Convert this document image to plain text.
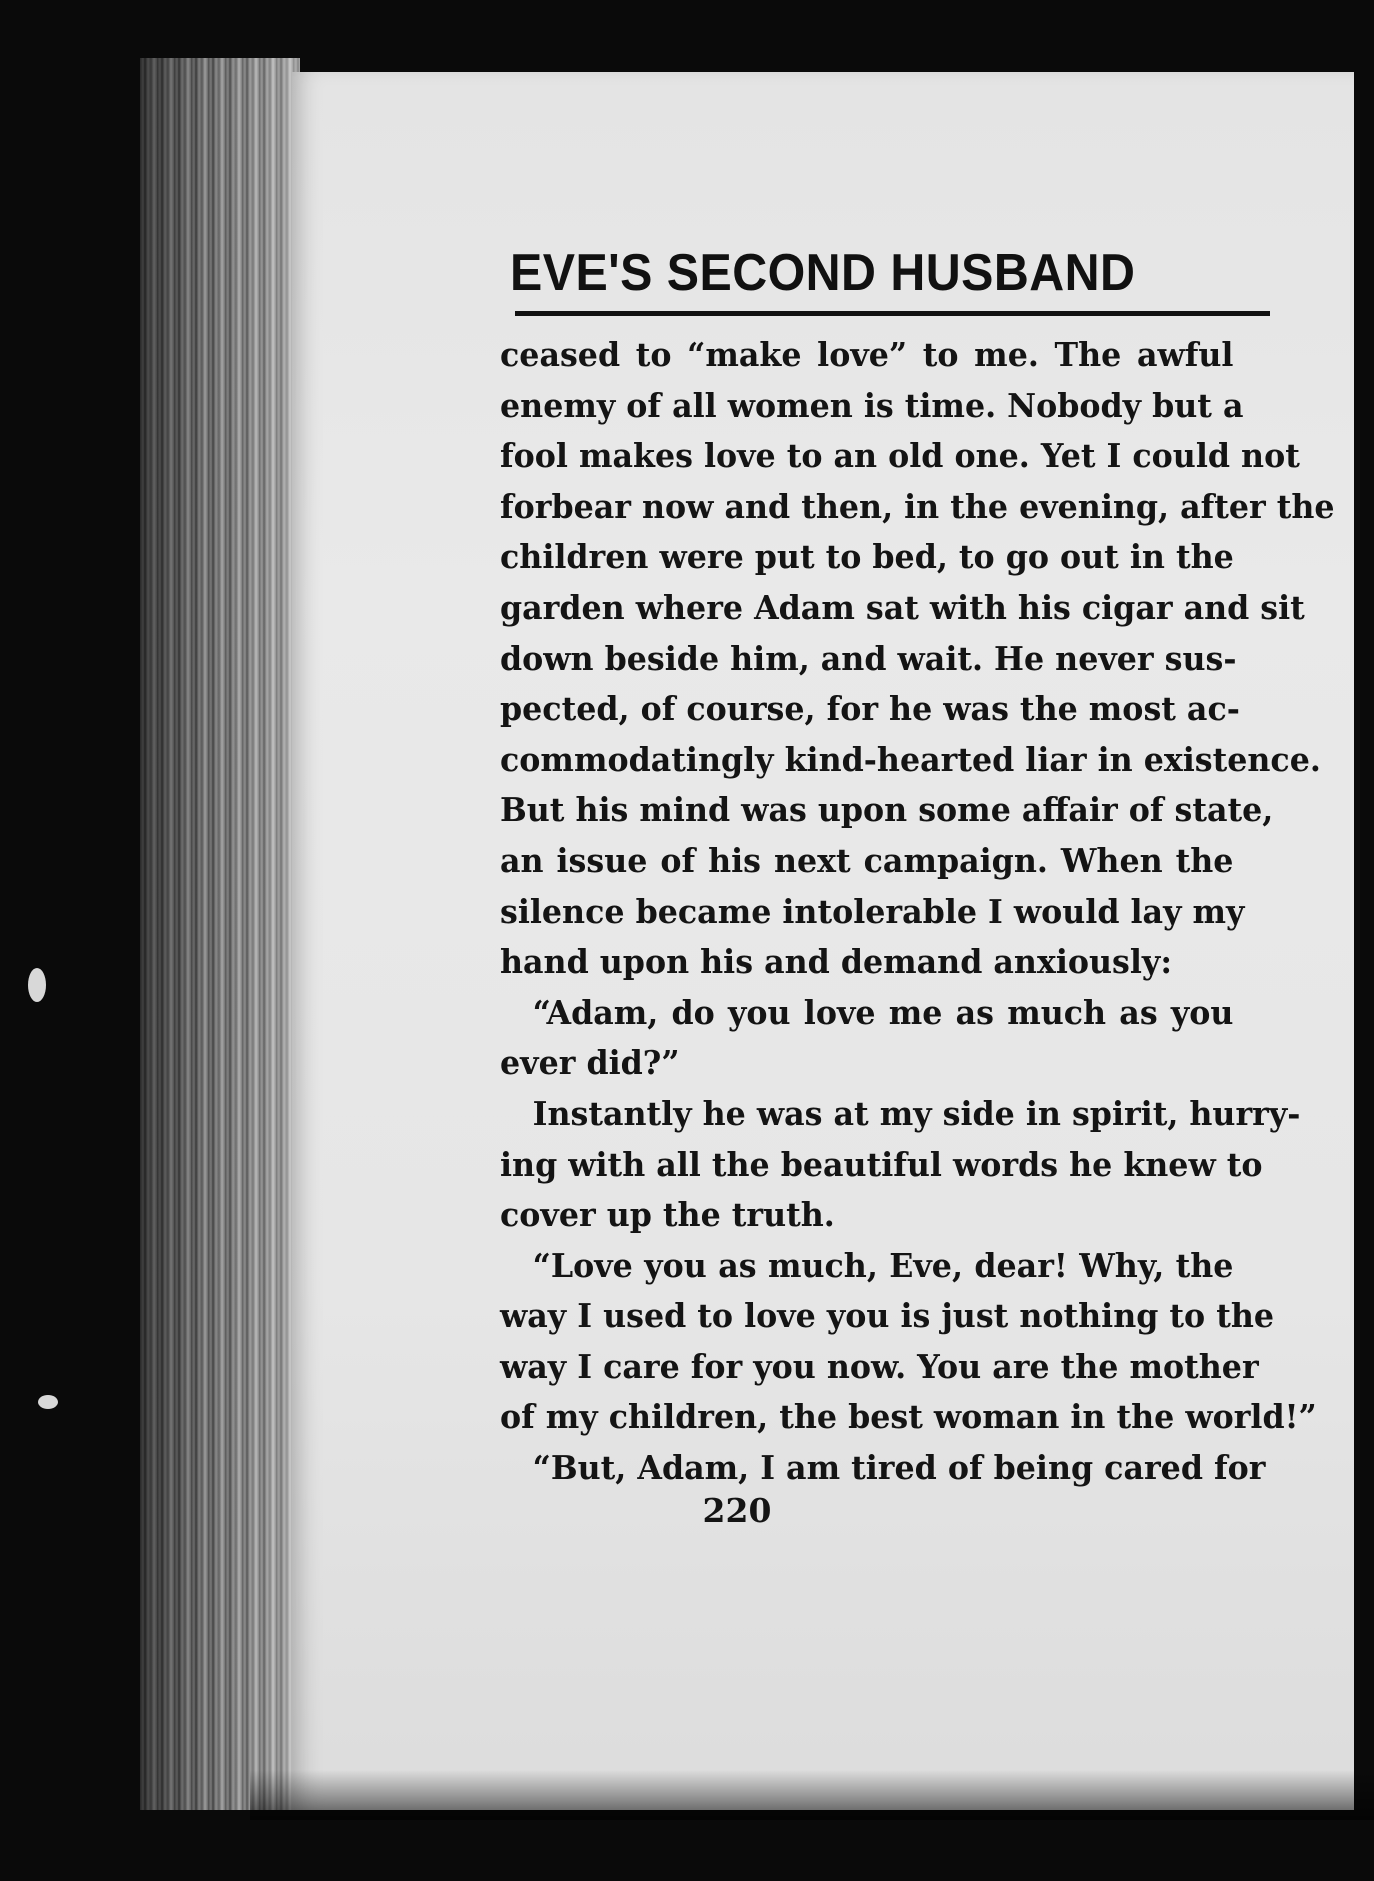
EVE'S SECOND HUSBAND
ceased to “make love” to me. The awful
enemy of all women is time. Nobody but a
fool makes love to an old one. Yet I could not
forbear now and then, in the evening, after the
children were put to bed, to go out in the
garden where Adam sat with his cigar and sit
down beside him, and wait. He never sus-
pected, of course, for he was the most ac-
commodatingly kind-hearted liar in existence.
But his mind was upon some affair of state,
an issue of his next campaign. When the
silence became intolerable I would lay my
hand upon his and demand anxiously:
“Adam, do you love me as much as you
ever did?”
Instantly he was at my side in spirit, hurry-
ing with all the beautiful words he knew to
cover up the truth.
“Love you as much, Eve, dear! Why, the
way I used to love you is just nothing to the
way I care for you now. You are the mother
of my children, the best woman in the world!”
“But, Adam, I am tired of being cared for
220
